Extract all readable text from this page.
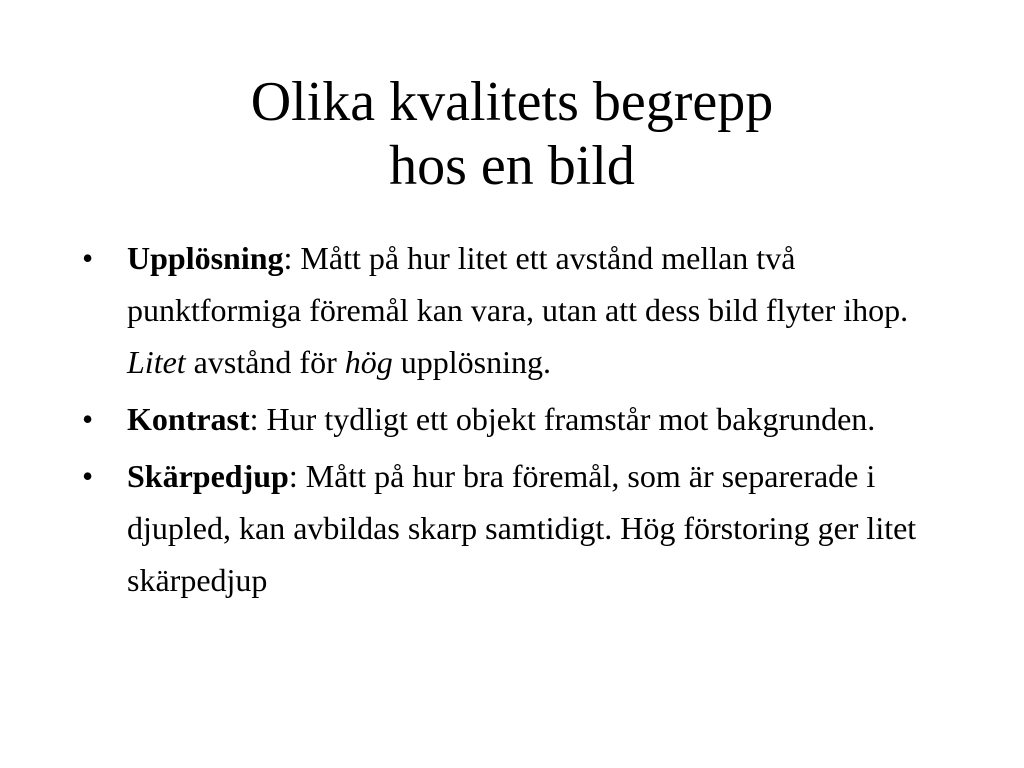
Olika kvalitets begrepp
hos en bild
• Upplösning: Mått på hur litet ett avstånd mellan två punktformiga föremål kan vara, utan att dess bild flyter ihop. Litet avstånd för hög upplösning.
• Kontrast: Hur tydligt ett objekt framstår mot bakgrunden.
• Skärpedjup: Mått på hur bra föremål, som är separerade i djupled, kan avbildas skarp samtidigt. Hög förstoring ger litet skärpedjup
